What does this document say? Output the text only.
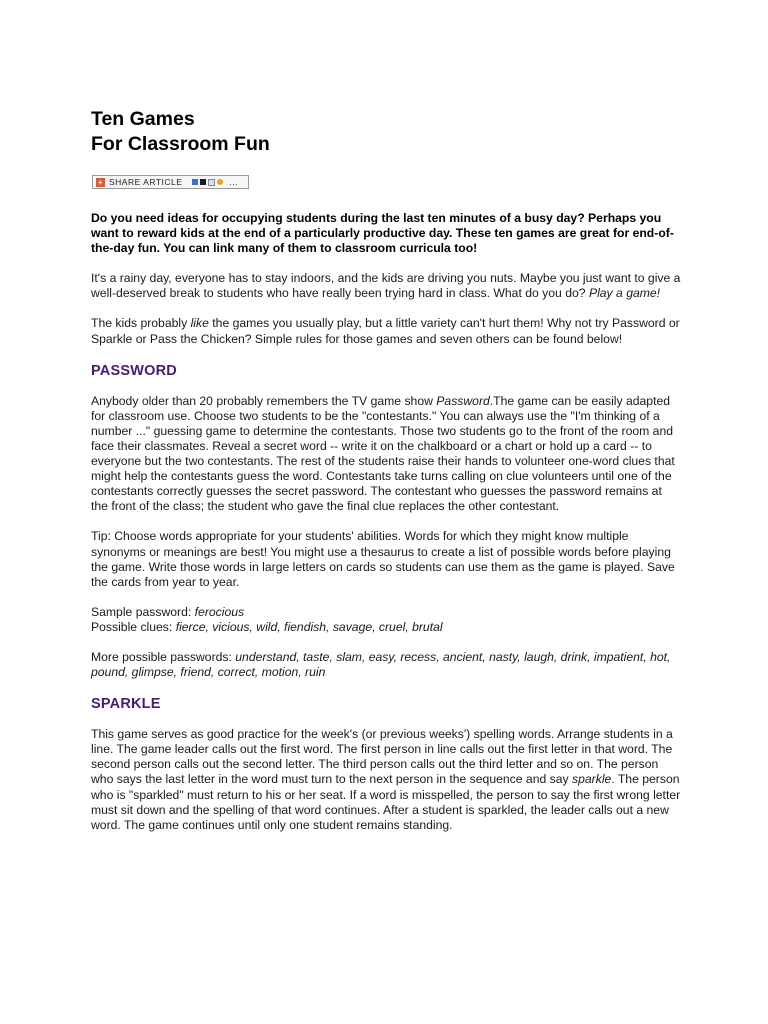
Ten Games
For Classroom Fun
+ SHARE ARTICLE	...

Do you need ideas for occupying students during the last ten minutes of a busy day? Perhaps you want to reward kids at the end of a particularly productive day. These ten games are great for end-of-the-day fun. You can link many of them to classroom curricula too!

It's a rainy day, everyone has to stay indoors, and the kids are driving you nuts. Maybe you just want to give a well-deserved break to students who have really been trying hard in class. What do you do? Play a game!

The kids probably like the games you usually play, but a little variety can't hurt them! Why not try Password or Sparkle or Pass the Chicken? Simple rules for those games and seven others can be found below!

PASSWORD

Anybody older than 20 probably remembers the TV game show Password.The game can be easily adapted for classroom use. Choose two students to be the "contestants." You can always use the "I'm thinking of a number ..." guessing game to determine the contestants. Those two students go to the front of the room and face their classmates. Reveal a secret word -- write it on the chalkboard or a chart or hold up a card -- to everyone but the two contestants. The rest of the students raise their hands to volunteer one-word clues that might help the contestants guess the word. Contestants take turns calling on clue volunteers until one of the contestants correctly guesses the secret password. The contestant who guesses the password remains at the front of the class; the student who gave the final clue replaces the other contestant.

Tip: Choose words appropriate for your students' abilities. Words for which they might know multiple synonyms or meanings are best! You might use a thesaurus to create a list of possible words before playing the game. Write those words in large letters on cards so students can use them as the game is played. Save the cards from year to year.

Sample password: ferocious
Possible clues: fierce, vicious, wild, fiendish, savage, cruel, brutal

More possible passwords: understand, taste, slam, easy, recess, ancient, nasty, laugh, drink, impatient, hot, pound, glimpse, friend, correct, motion, ruin

SPARKLE

This game serves as good practice for the week's (or previous weeks') spelling words. Arrange students in a line. The game leader calls out the first word. The first person in line calls out the first letter in that word. The second person calls out the second letter. The third person calls out the third letter and so on. The person who says the last letter in the word must turn to the next person in the sequence and say sparkle. The person who is "sparkled" must return to his or her seat. If a word is misspelled, the person to say the first wrong letter must sit down and the spelling of that word continues. After a student is sparkled, the leader calls out a new word. The game continues until only one student remains standing.
